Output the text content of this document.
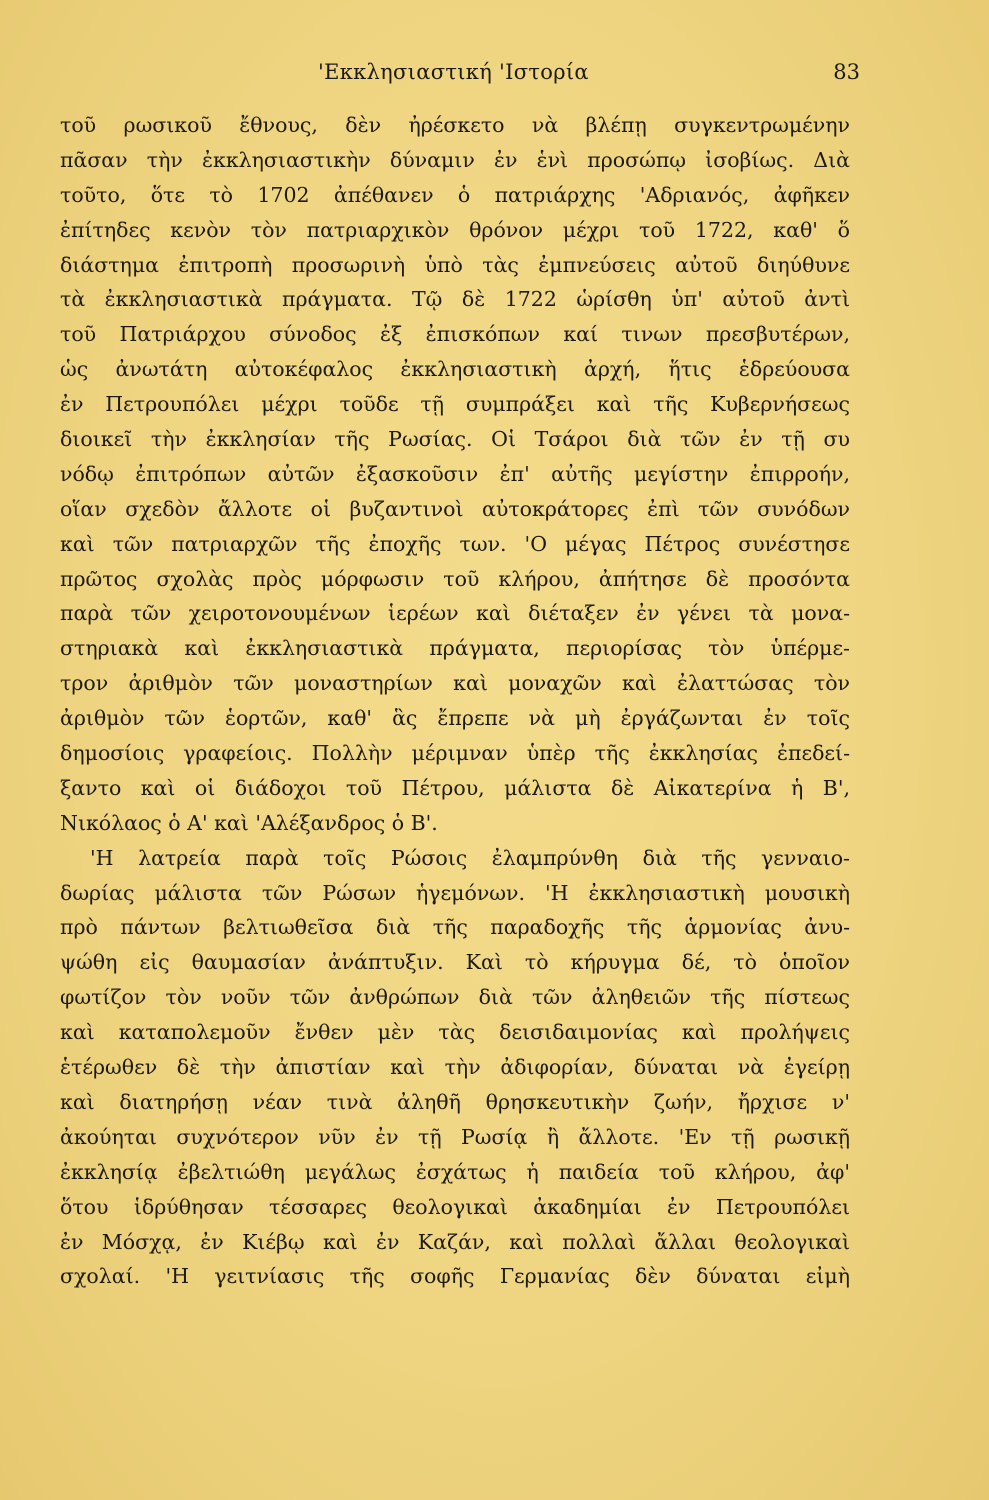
'Εκκλησιαστική 'Ιστορία	83
τοῦ ρωσικοῦ ἔθνους, δὲν ἠρέσκετο νὰ βλέπῃ συγκεντρωμένην
πᾶσαν τὴν ἐκκλησιαστικὴν δύναμιν ἐν ἑνὶ προσώπῳ ἰσοβίως. Διὰ
τοῦτο, ὅτε τὸ 1702 ἀπέθανεν ὁ πατριάρχης 'Αδριανός, ἀφῆκεν
ἐπίτηδες κενὸν τὸν πατριαρχικὸν θρόνον μέχρι τοῦ 1722, καθ' ὅ
διάστημα ἐπιτροπὴ προσωρινὴ ὑπὸ τὰς ἐμπνεύσεις αὐτοῦ διηύθυνε
τὰ ἐκκλησιαστικὰ πράγματα. Τῷ δὲ 1722 ὡρίσθη ὑπ' αὐτοῦ ἀντὶ
τοῦ Πατριάρχου σύνοδος ἐξ ἐπισκόπων καί τινων πρεσβυτέρων,
ὡς ἀνωτάτη αὐτοκέφαλος ἐκκλησιαστικὴ ἀρχή, ἥτις ἑδρεύουσα
ἐν Πετρουπόλει μέχρι τοῦδε τῇ συμπράξει καὶ τῆς Κυβερνήσεως
διοικεῖ τὴν ἐκκλησίαν τῆς Ρωσίας. Οἱ Τσάροι διὰ τῶν ἐν τῇ συ
νόδῳ ἐπιτρόπων αὐτῶν ἐξασκοῦσιν ἐπ' αὐτῆς μεγίστην ἐπιρροήν,
οἵαν σχεδὸν ἄλλοτε οἱ βυζαντινοὶ αὐτοκράτορες ἐπὶ τῶν συνόδων
καὶ τῶν πατριαρχῶν τῆς ἐποχῆς των. 'Ο μέγας Πέτρος συνέστησε
πρῶτος σχολὰς πρὸς μόρφωσιν τοῦ κλήρου, ἀπήτησε δὲ προσόντα
παρὰ τῶν χειροτονουμένων ἱερέων καὶ διέταξεν ἐν γένει τὰ μονα-
στηριακὰ καὶ ἐκκλησιαστικὰ πράγματα, περιορίσας τὸν ὑπέρμε-
τρον ἀριθμὸν τῶν μοναστηρίων καὶ μοναχῶν καὶ ἐλαττώσας τὸν
ἀριθμὸν τῶν ἑορτῶν, καθ' ἃς ἔπρεπε νὰ μὴ ἐργάζωνται ἐν τοῖς
δημοσίοις γραφείοις. Πολλὴν μέριμναν ὑπὲρ τῆς ἐκκλησίας ἐπεδεί-
ξαντο καὶ οἱ διάδοχοι τοῦ Πέτρου, μάλιστα δὲ Αἰκατερίνα ἡ Β',
Νικόλαος ὁ Α' καὶ 'Αλέξανδρος ὁ Β'.
'Η λατρεία παρὰ τοῖς Ρώσοις ἐλαμπρύνθη διὰ τῆς γενναιο-
δωρίας μάλιστα τῶν Ρώσων ἡγεμόνων. 'Η ἐκκλησιαστικὴ μουσικὴ
πρὸ πάντων βελτιωθεῖσα διὰ τῆς παραδοχῆς τῆς ἁρμονίας ἀνυ-
ψώθη εἰς θαυμασίαν ἀνάπτυξιν. Καὶ τὸ κήρυγμα δέ, τὸ ὁποῖον
φωτίζον τὸν νοῦν τῶν ἀνθρώπων διὰ τῶν ἀληθειῶν τῆς πίστεως
καὶ καταπολεμοῦν ἔνθεν μὲν τὰς δεισιδαιμονίας καὶ προλήψεις
ἑτέρωθεν δὲ τὴν ἀπιστίαν καὶ τὴν ἀδιφορίαν, δύναται νὰ ἐγείρῃ
καὶ διατηρήσῃ νέαν τινὰ ἀληθῆ θρησκευτικὴν ζωήν, ἤρχισε ν'
ἀκούηται συχνότερον νῦν ἐν τῇ Ρωσίᾳ ἢ ἄλλοτε. 'Εν τῇ ρωσικῇ
ἐκκλησίᾳ ἐβελτιώθη μεγάλως ἐσχάτως ἡ παιδεία τοῦ κλήρου, ἀφ'
ὅτου ἱδρύθησαν τέσσαρες θεολογικαὶ ἀκαδημίαι ἐν Πετρουπόλει
ἐν Μόσχᾳ, ἐν Κιέβῳ καὶ ἐν Καζάν, καὶ πολλαὶ ἄλλαι θεολογικαὶ
σχολαί. 'Η γειτνίασις τῆς σοφῆς Γερμανίας δὲν δύναται εἰμὴ
